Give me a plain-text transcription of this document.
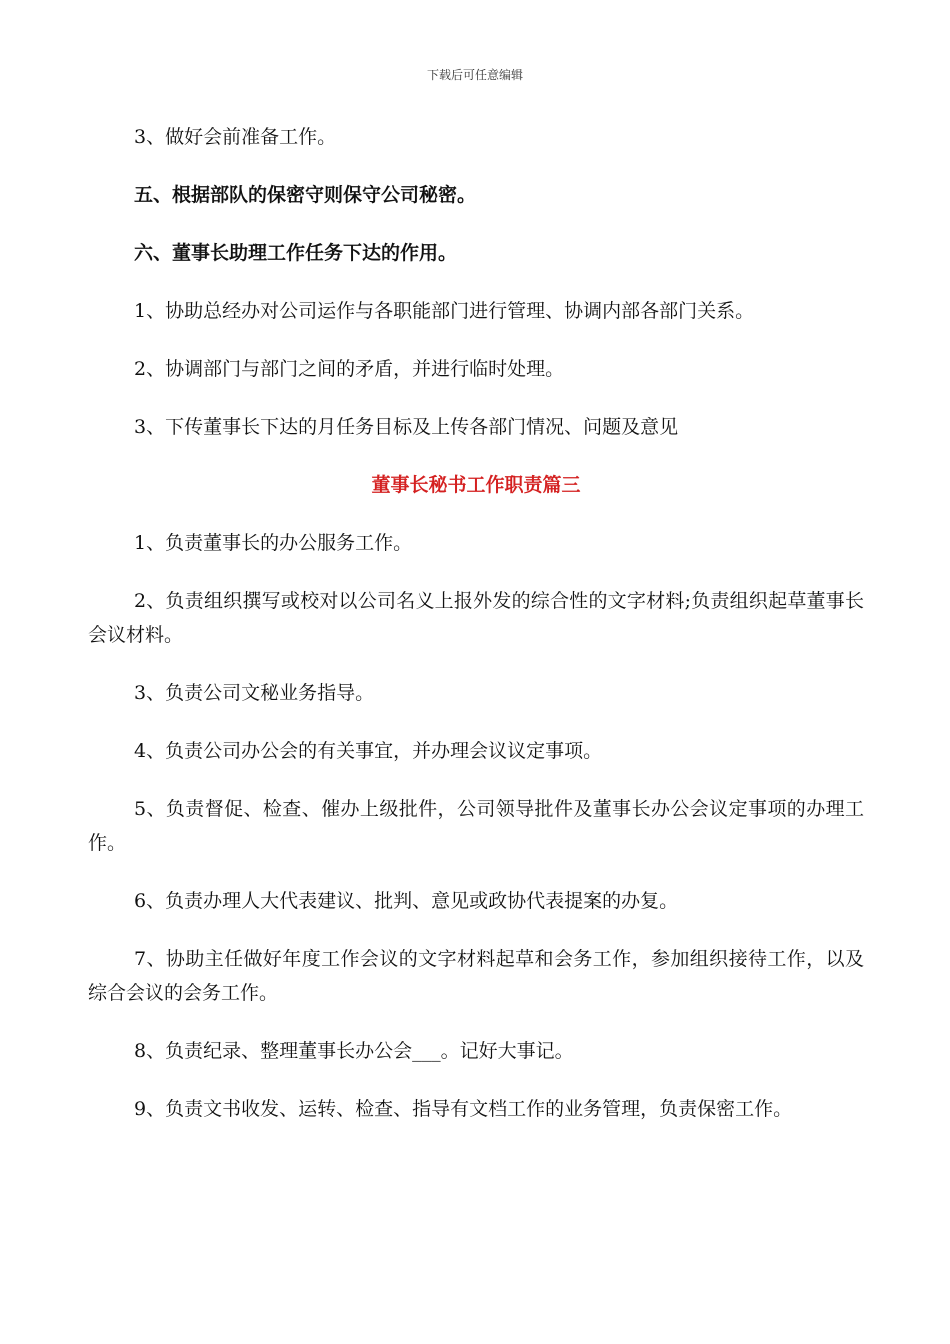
下载后可任意编辑

3、做好会前准备工作。

五、根据部队的保密守则保守公司秘密。

六、董事长助理工作任务下达的作用。

1、协助总经办对公司运作与各职能部门进行管理、协调内部各部门关系。

2、协调部门与部门之间的矛盾，并进行临时处理。

3、下传董事长下达的月任务目标及上传各部门情况、问题及意见

董事长秘书工作职责篇三

1、负责董事长的办公服务工作。

2、负责组织撰写或校对以公司名义上报外发的综合性的文字材料;负责组织起草董事长会议材料。

3、负责公司文秘业务指导。

4、负责公司办公会的有关事宜，并办理会议议定事项。

5、负责督促、检查、催办上级批件，公司领导批件及董事长办公会议定事项的办理工作。

6、负责办理人大代表建议、批判、意见或政协代表提案的办复。

7、协助主任做好年度工作会议的文字材料起草和会务工作，参加组织接待工作，以及综合会议的会务工作。

8、负责纪录、整理董事长办公会___。记好大事记。

9、负责文书收发、运转、检查、指导有文档工作的业务管理，负责保密工作。
